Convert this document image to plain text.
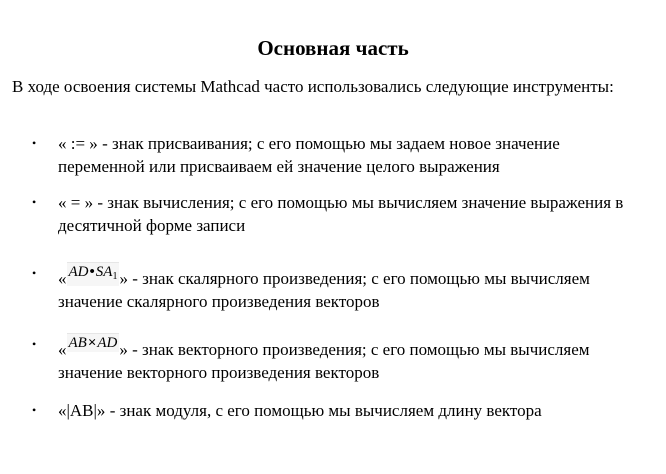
Основная часть
В ходе освоения системы Mathcad часто использовались следующие инструменты:
• « := » - знак присваивания; с его помощью мы задаем новое значение переменной или присваиваем ей значение целого выражения
• « = » - знак вычисления; с его помощью мы вычисляем значение выражения в десятичной форме записи
• « $AD•SA_1$ » - знак скалярного произведения; с его помощью мы вычисляем значение скалярного произведения векторов
• « AB×AD » - знак векторного произведения; с его помощью мы вычисляем значение векторного произведения векторов
• «|AB|» - знак модуля, с его помощью мы вычисляем длину вектора
